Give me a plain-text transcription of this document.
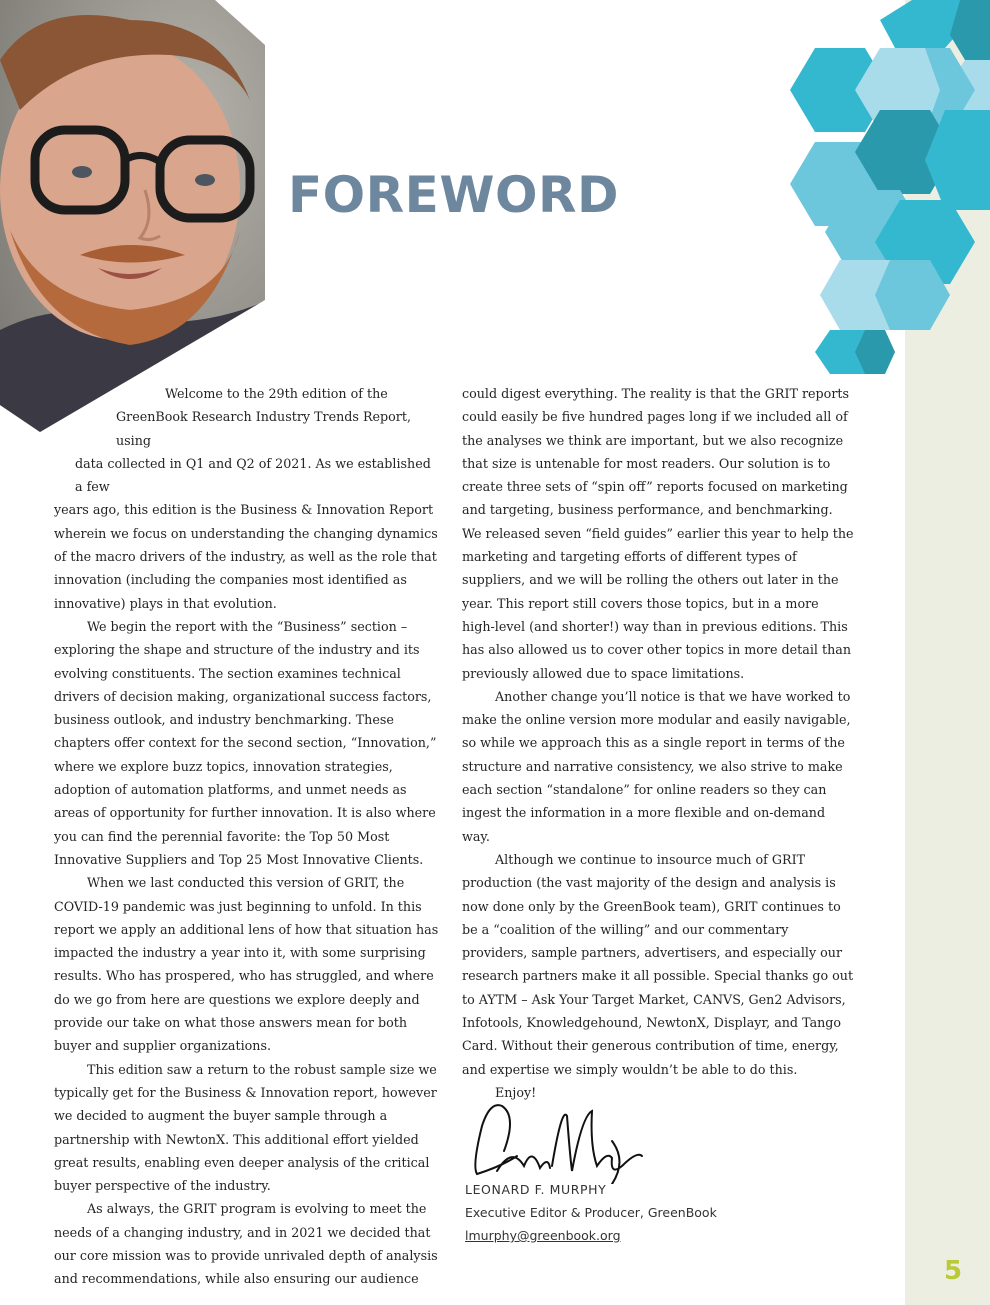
FOREWORD

Welcome to the 29th edition of the
GreenBook Research Industry Trends Report, using
data collected in Q1 and Q2 of 2021. As we established a few
years ago, this edition is the Business & Innovation Report wherein we focus on understanding the changing dynamics of the macro drivers of the industry, as well as the role that innovation (including the companies most identified as innovative) plays in that evolution.

We begin the report with the “Business” section – exploring the shape and structure of the industry and its evolving constituents. The section examines technical drivers of decision making, organizational success factors, business outlook, and industry benchmarking. These chapters offer context for the second section, “Innovation,” where we explore buzz topics, innovation strategies, adoption of automation platforms, and unmet needs as areas of opportunity for further innovation. It is also where you can find the perennial favorite: the Top 50 Most Innovative Suppliers and Top 25 Most Innovative Clients.

When we last conducted this version of GRIT, the COVID-19 pandemic was just beginning to unfold. In this report we apply an additional lens of how that situation has impacted the industry a year into it, with some surprising results. Who has prospered, who has struggled, and where do we go from here are questions we explore deeply and provide our take on what those answers mean for both buyer and supplier organizations.

This edition saw a return to the robust sample size we typically get for the Business & Innovation report, however we decided to augment the buyer sample through a partnership with NewtonX. This additional effort yielded great results, enabling even deeper analysis of the critical buyer perspective of the industry.

As always, the GRIT program is evolving to meet the needs of a changing industry, and in 2021 we decided that our core mission was to provide unrivaled depth of analysis and recommendations, while also ensuring our audience

could digest everything. The reality is that the GRIT reports could easily be five hundred pages long if we included all of the analyses we think are important, but we also recognize that size is untenable for most readers. Our solution is to create three sets of “spin off” reports focused on marketing and targeting, business performance, and benchmarking. We released seven “field guides” earlier this year to help the marketing and targeting efforts of different types of suppliers, and we will be rolling the others out later in the year. This report still covers those topics, but in a more high-level (and shorter!) way than in previous editions. This has also allowed us to cover other topics in more detail than previously allowed due to space limitations.

Another change you’ll notice is that we have worked to make the online version more modular and easily navigable, so while we approach this as a single report in terms of the structure and narrative consistency, we also strive to make each section “standalone” for online readers so they can ingest the information in a more flexible and on-demand way.

Although we continue to insource much of GRIT production (the vast majority of the design and analysis is now done only by the GreenBook team), GRIT continues to be a “coalition of the willing” and our commentary providers, sample partners, advertisers, and especially our research partners make it all possible. Special thanks go out to AYTM – Ask Your Target Market, CANVS, Gen2 Advisors, Infotools, Knowledgehound, NewtonX, Displayr, and Tango Card. Without their generous contribution of time, energy, and expertise we simply wouldn’t be able to do this.

Enjoy!

LEONARD F. MURPHY
Executive Editor & Producer, GreenBook
lmurphy@greenbook.org
5
